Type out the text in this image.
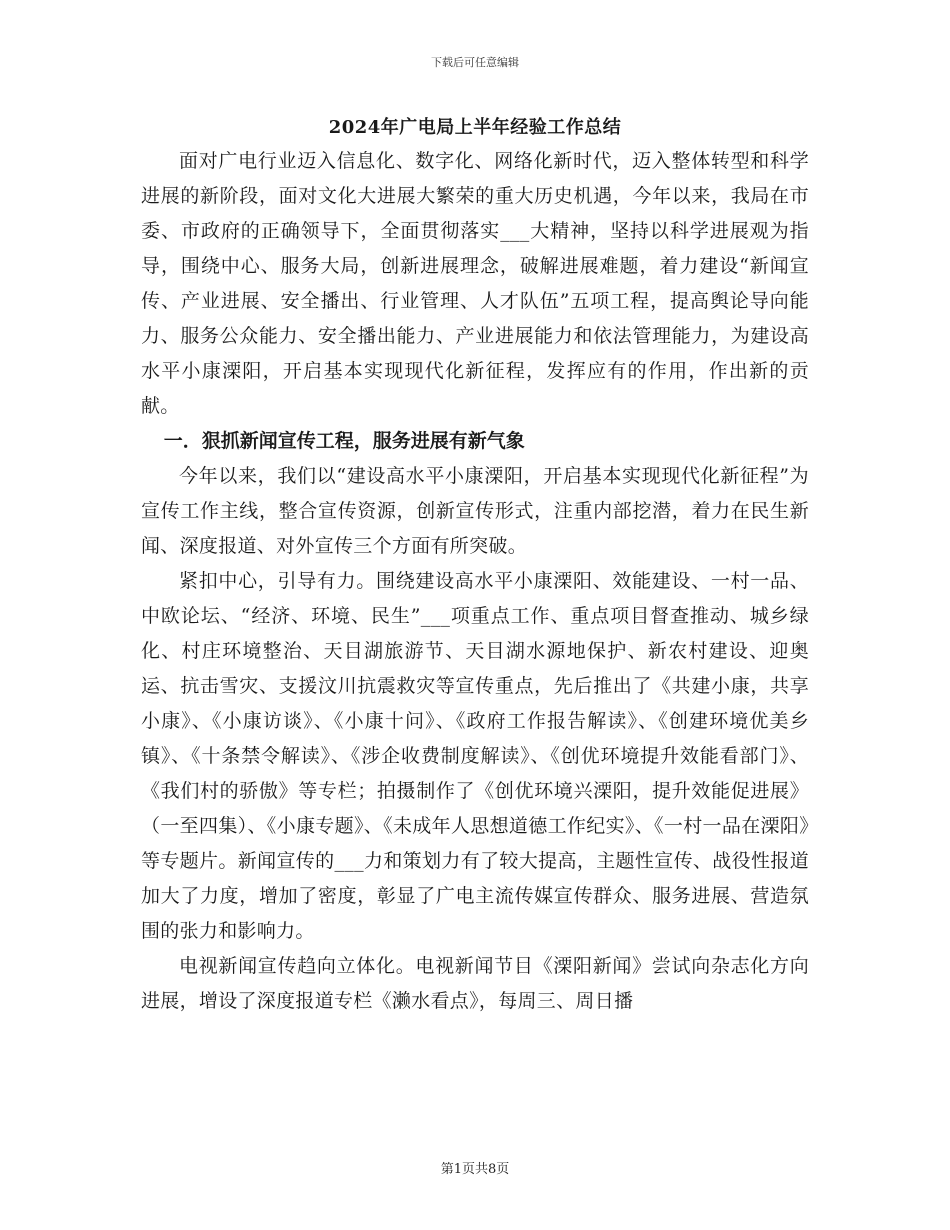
下载后可任意编辑
2024年广电局上半年经验工作总结

面对广电行业迈入信息化、数字化、网络化新时代，迈入整体转型和科学进展的新阶段，面对文化大进展大繁荣的重大历史机遇，今年以来，我局在市委、市政府的正确领导下，全面贯彻落实___大精神，坚持以科学进展观为指导，围绕中心、服务大局，创新进展理念，破解进展难题，着力建设“新闻宣传、产业进展、安全播出、行业管理、人才队伍”五项工程，提高舆论导向能力、服务公众能力、安全播出能力、产业进展能力和依法管理能力，为建设高水平小康溧阳，开启基本实现现代化新征程，发挥应有的作用，作出新的贡献。

一．狠抓新闻宣传工程，服务进展有新气象

今年以来，我们以“建设高水平小康溧阳，开启基本实现现代化新征程”为宣传工作主线，整合宣传资源，创新宣传形式，注重内部挖潜，着力在民生新闻、深度报道、对外宣传三个方面有所突破。

紧扣中心，引导有力。围绕建设高水平小康溧阳、效能建设、一村一品、中欧论坛、“经济、环境、民生”___项重点工作、重点项目督查推动、城乡绿化、村庄环境整治、天目湖旅游节、天目湖水源地保护、新农村建设、迎奥运、抗击雪灾、支援汶川抗震救灾等宣传重点，先后推出了《共建小康，共享小康》、《小康访谈》、《小康十问》、《政府工作报告解读》、《创建环境优美乡镇》、《十条禁令解读》、《涉企收费制度解读》、《创优环境提升效能看部门》、《我们村的骄傲》等专栏；拍摄制作了《创优环境兴溧阳，提升效能促进展》（一至四集）、《小康专题》、《未成年人思想道德工作纪实》、《一村一品在溧阳》等专题片。新闻宣传的___力和策划力有了较大提高，主题性宣传、战役性报道加大了力度，增加了密度，彰显了广电主流传媒宣传群众、服务进展、营造氛围的张力和影响力。

电视新闻宣传趋向立体化。电视新闻节目《溧阳新闻》尝试向杂志化方向进展，增设了深度报道专栏《濑水看点》，每周三、周日播

第1页共8页
